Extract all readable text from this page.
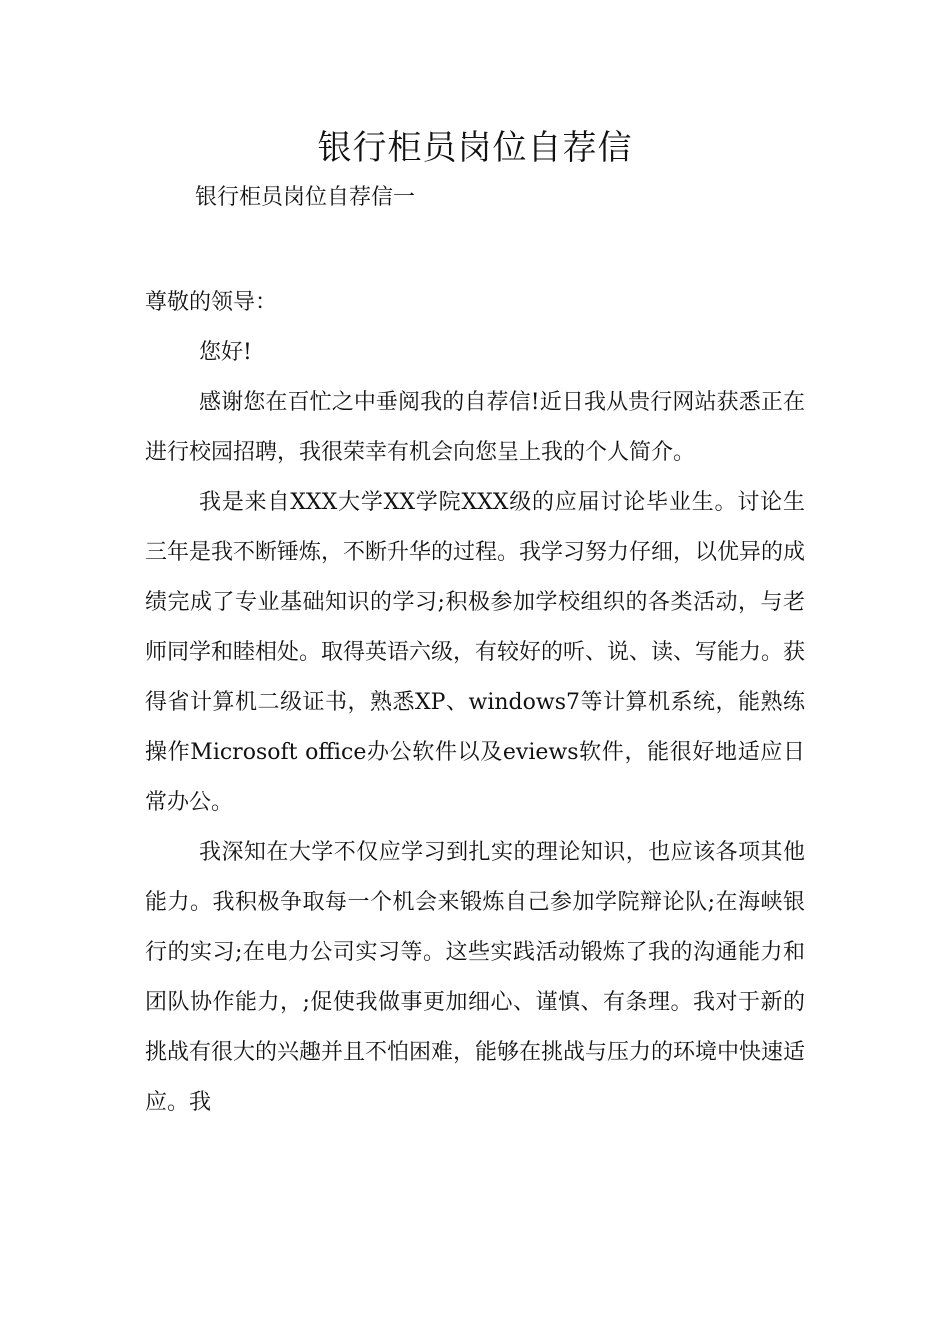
银行柜员岗位自荐信

银行柜员岗位自荐信一

尊敬的领导：

您好!

感谢您在百忙之中垂阅我的自荐信!近日我从贵行网站获悉正在进行校园招聘，我很荣幸有机会向您呈上我的个人简介。

我是来自XXX大学XX学院XXX级的应届讨论毕业生。讨论生三年是我不断锤炼，不断升华的过程。我学习努力仔细，以优异的成绩完成了专业基础知识的学习;积极参加学校组织的各类活动，与老师同学和睦相处。取得英语六级，有较好的听、说、读、写能力。获得省计算机二级证书，熟悉XP、windows7等计算机系统，能熟练操作Microsoft office办公软件以及eviews软件，能很好地适应日常办公。

我深知在大学不仅应学习到扎实的理论知识，也应该各项其他能力。我积极争取每一个机会来锻炼自己参加学院辩论队;在海峡银行的实习;在电力公司实习等。这些实践活动锻炼了我的沟通能力和团队协作能力，;促使我做事更加细心、谨慎、有条理。我对于新的挑战有很大的兴趣并且不怕困难，能够在挑战与压力的环境中快速适应。我
